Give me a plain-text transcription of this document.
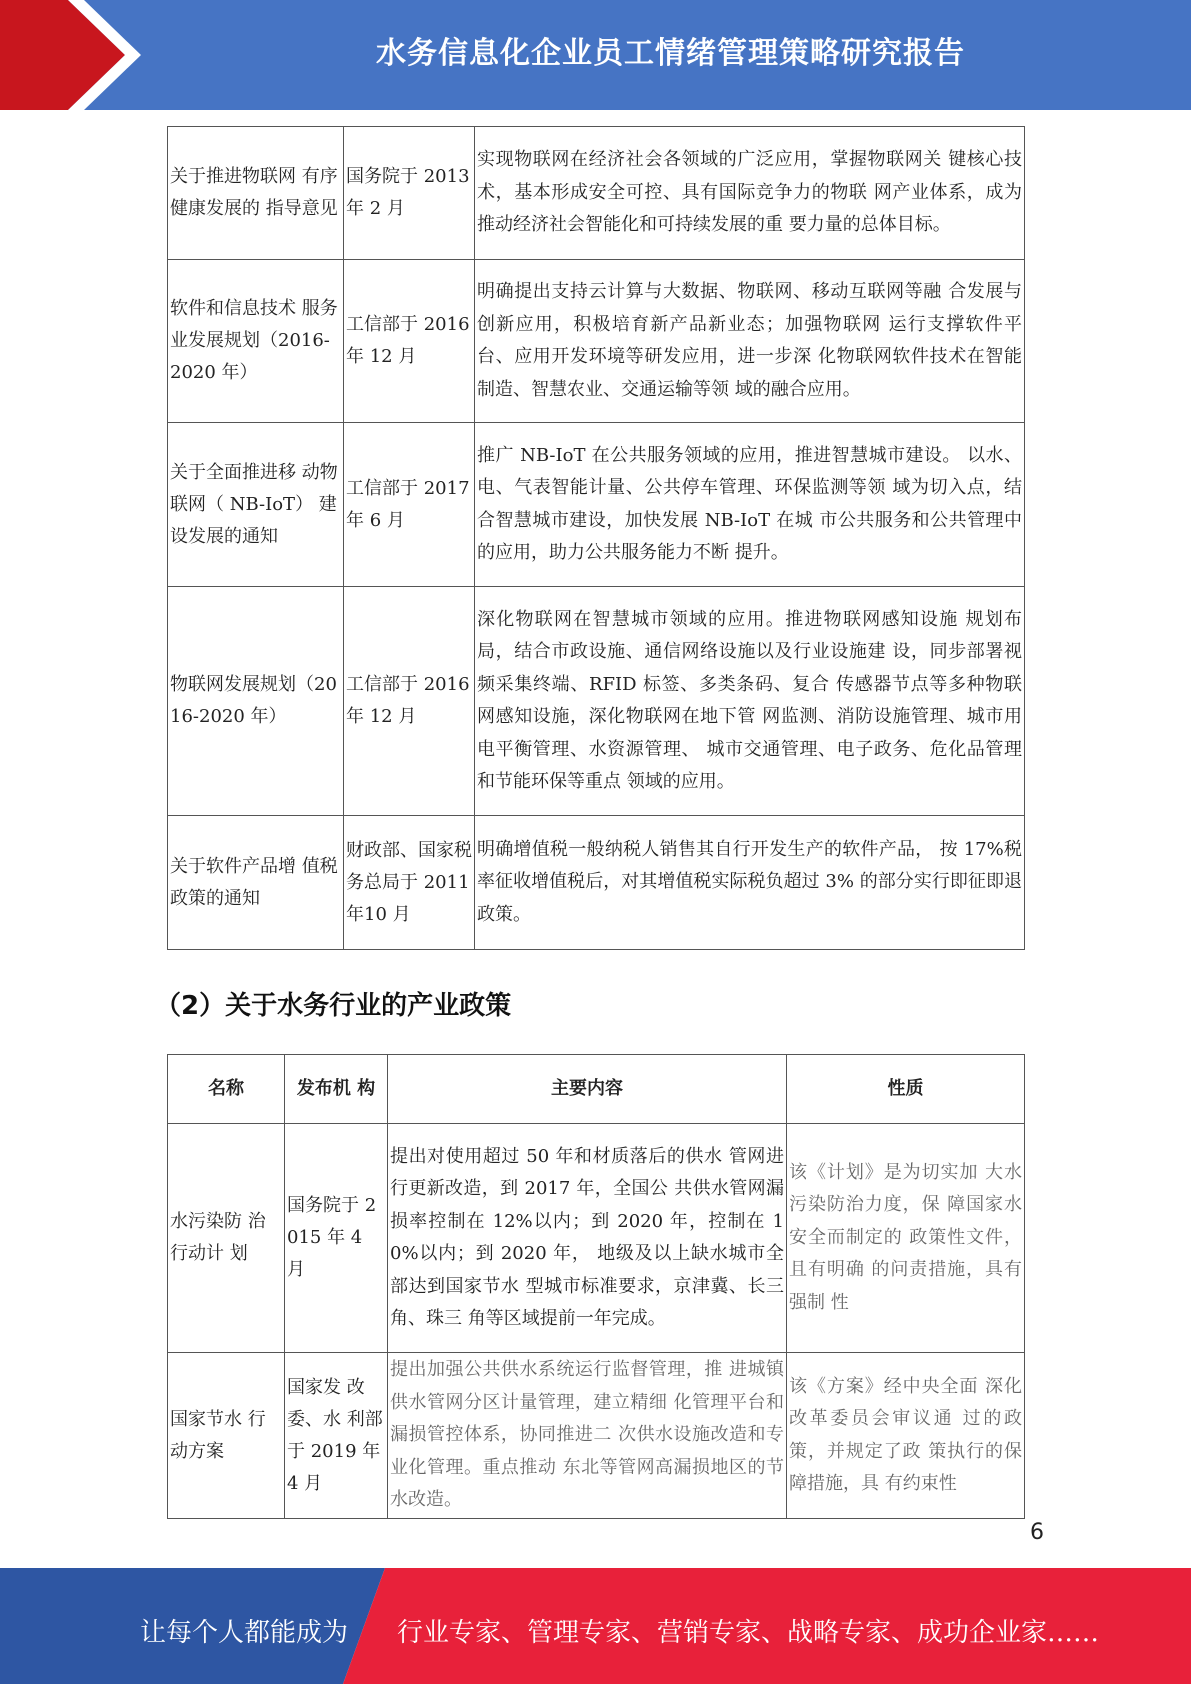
水务信息化企业员工情绪管理策略研究报告
关于推进物联网 有序健康发展的 指导意见	国务院于 2013 年 2 月	实现物联网在经济社会各领域的广泛应用，掌握物联网关 键核心技术，基本形成安全可控、具有国际竞争力的物联 网产业体系，成为推动经济社会智能化和可持续发展的重 要力量的总体目标。
软件和信息技术 服务业发展规划（2016-2020 年）	工信部于 2016 年 12 月	明确提出支持云计算与大数据、物联网、移动互联网等融 合发展与创新应用，积极培育新产品新业态；加强物联网 运行支撑软件平台、应用开发环境等研发应用，进一步深 化物联网软件技术在智能制造、智慧农业、交通运输等领 域的融合应用。
关于全面推进移 动物联网（ NB-IoT） 建 设发展的通知	工信部于 2017 年 6 月	推广 NB-IoT 在公共服务领域的应用，推进智慧城市建设。 以水、电、气表智能计量、公共停车管理、环保监测等领 域为切入点，结合智慧城市建设，加快发展 NB-IoT 在城 市公共服务和公共管理中的应用，助力公共服务能力不断 提升。
物联网发展规划（2016-2020 年）	工信部于 2016 年 12 月	深化物联网在智慧城市领域的应用。推进物联网感知设施 规划布局，结合市政设施、通信网络设施以及行业设施建 设，同步部署视频采集终端、RFID 标签、多类条码、复合 传感器节点等多种物联网感知设施，深化物联网在地下管 网监测、消防设施管理、城市用电平衡管理、水资源管理、 城市交通管理、电子政务、危化品管理和节能环保等重点 领域的应用。
关于软件产品增 值税政策的通知	财政部、国家税务总局于 2011 年10 月	明确增值税一般纳税人销售其自行开发生产的软件产品， 按 17%税率征收增值税后，对其增值税实际税负超过 3% 的部分实行即征即退政策。
（2）关于水务行业的产业政策
名称	发布机 构	主要内容	性质
水污染防 治行动计 划	国务院于 2015 年 4 月	提出对使用超过 50 年和材质落后的供水 管网进行更新改造，到 2017 年，全国公 共供水管网漏损率控制在 12%以内；到 2020 年，控制在 10%以内；到 2020 年， 地级及以上缺水城市全部达到国家节水 型城市标准要求，京津冀、长三角、珠三 角等区域提前一年完成。	该《计划》是为切实加 大水污染防治力度，保 障国家水安全而制定的 政策性文件，且有明确 的问责措施，具有强制 性
国家节水 行动方案	国家发 改委、水 利部于 2019 年 4 月	提出加强公共供水系统运行监督管理，推 进城镇供水管网分区计量管理，建立精细 化管理平台和漏损管控体系，协同推进二 次供水设施改造和专业化管理。重点推动 东北等管网高漏损地区的节水改造。	该《方案》经中央全面 深化改革委员会审议通 过的政策，并规定了政 策执行的保障措施，具 有约束性
6
让每个人都能成为 行业专家、管理专家、营销专家、战略专家、成功企业家……
